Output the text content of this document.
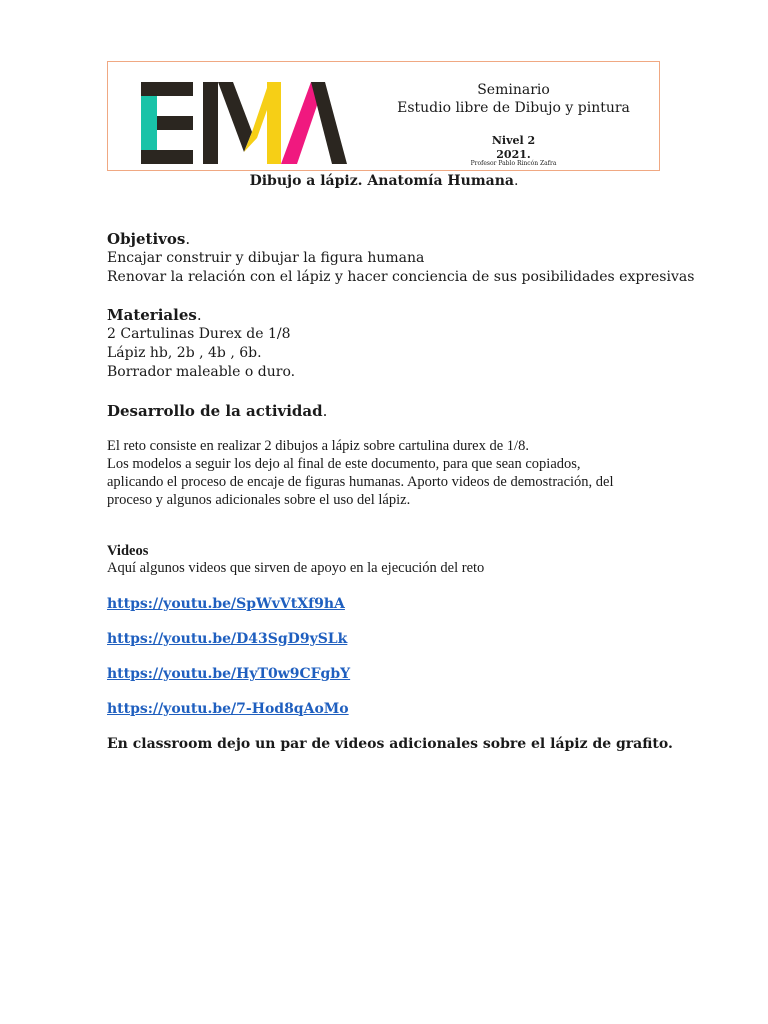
Seminario
Estudio libre de Dibujo y pintura
Nivel 2
2021.
Profesor Pablo Rincón Zafra
Dibujo a lápiz. Anatomía Humana.
Objetivos.
Encajar construir y dibujar la figura humana
Renovar la relación con el lápiz y hacer conciencia de sus posibilidades expresivas
Materiales.
2 Cartulinas Durex de 1/8
Lápiz hb, 2b , 4b , 6b.
Borrador maleable o duro.
Desarrollo de la actividad.
El reto consiste en realizar 2 dibujos a lápiz sobre cartulina durex de 1/8.
Los modelos a seguir los dejo al final de este documento, para que sean copiados,
aplicando el proceso de encaje de figuras humanas. Aporto videos de demostración, del
proceso y algunos adicionales sobre el uso del lápiz.
Videos
Aquí algunos videos que sirven de apoyo en la ejecución del reto
https://youtu.be/SpWvVtXf9hA
https://youtu.be/D43SgD9ySLk
https://youtu.be/HyT0w9CFgbY
https://youtu.be/7-Hod8qAoMo
En classroom dejo un par de videos adicionales sobre el lápiz de grafito.
